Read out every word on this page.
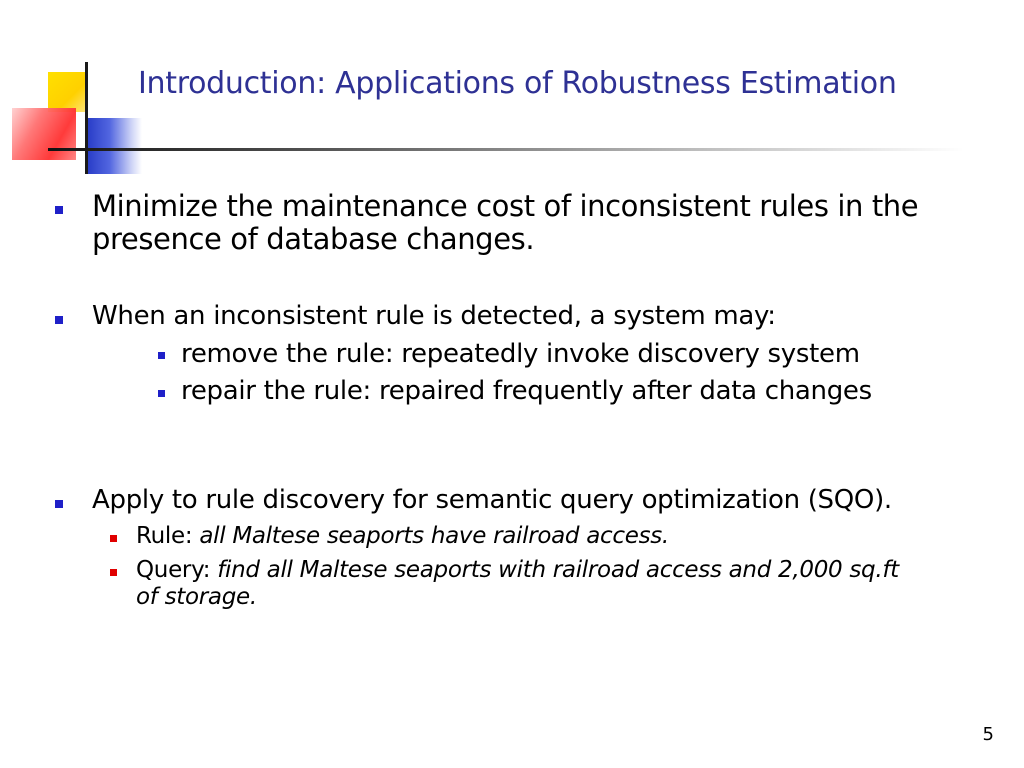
Introduction: Applications of Robustness Estimation
Minimize the maintenance cost of inconsistent rules in the
presence of database changes.
When an inconsistent rule is detected, a system may:
remove the rule: repeatedly invoke discovery system
repair the rule: repaired frequently after data changes
Apply to rule discovery for semantic query optimization (SQO).
Rule: all Maltese seaports have railroad access.
Query: find all Maltese seaports with railroad access and 2,000 sq.ft
of storage.
5
